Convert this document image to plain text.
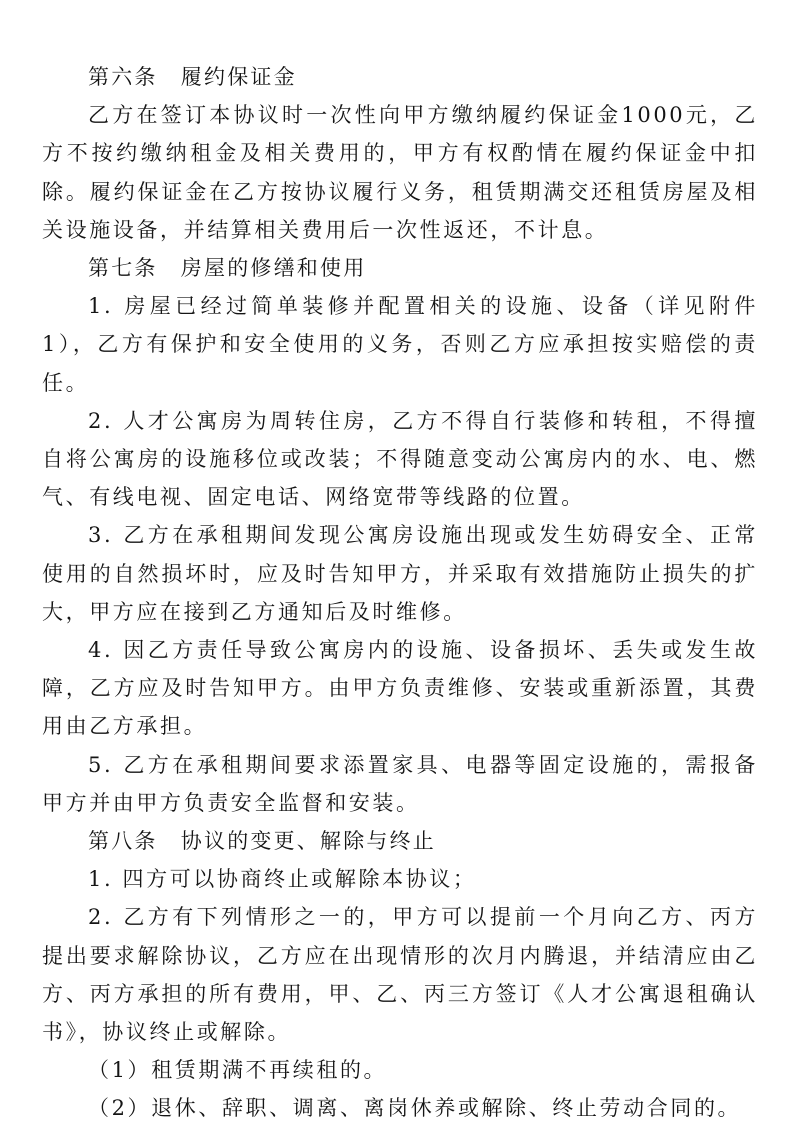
第六条　履约保证金

乙方在签订本协议时一次性向甲方缴纳履约保证金1000元，乙方不按约缴纳租金及相关费用的，甲方有权酌情在履约保证金中扣除。履约保证金在乙方按协议履行义务，租赁期满交还租赁房屋及相关设施设备，并结算相关费用后一次性返还，不计息。

第七条　房屋的修缮和使用

1. 房屋已经过简单装修并配置相关的设施、设备（详见附件1），乙方有保护和安全使用的义务，否则乙方应承担按实赔偿的责任。

2. 人才公寓房为周转住房，乙方不得自行装修和转租，不得擅自将公寓房的设施移位或改装；不得随意变动公寓房内的水、电、燃气、有线电视、固定电话、网络宽带等线路的位置。

3. 乙方在承租期间发现公寓房设施出现或发生妨碍安全、正常使用的自然损坏时，应及时告知甲方，并采取有效措施防止损失的扩大，甲方应在接到乙方通知后及时维修。

4. 因乙方责任导致公寓房内的设施、设备损坏、丢失或发生故障，乙方应及时告知甲方。由甲方负责维修、安装或重新添置，其费用由乙方承担。

5. 乙方在承租期间要求添置家具、电器等固定设施的，需报备甲方并由甲方负责安全监督和安装。

第八条　协议的变更、解除与终止

1. 四方可以协商终止或解除本协议；

2. 乙方有下列情形之一的，甲方可以提前一个月向乙方、丙方提出要求解除协议，乙方应在出现情形的次月内腾退，并结清应由乙方、丙方承担的所有费用，甲、乙、丙三方签订《人才公寓退租确认书》，协议终止或解除。

（1）租赁期满不再续租的。

（2）退休、辞职、调离、离岗休养或解除、终止劳动合同的。
